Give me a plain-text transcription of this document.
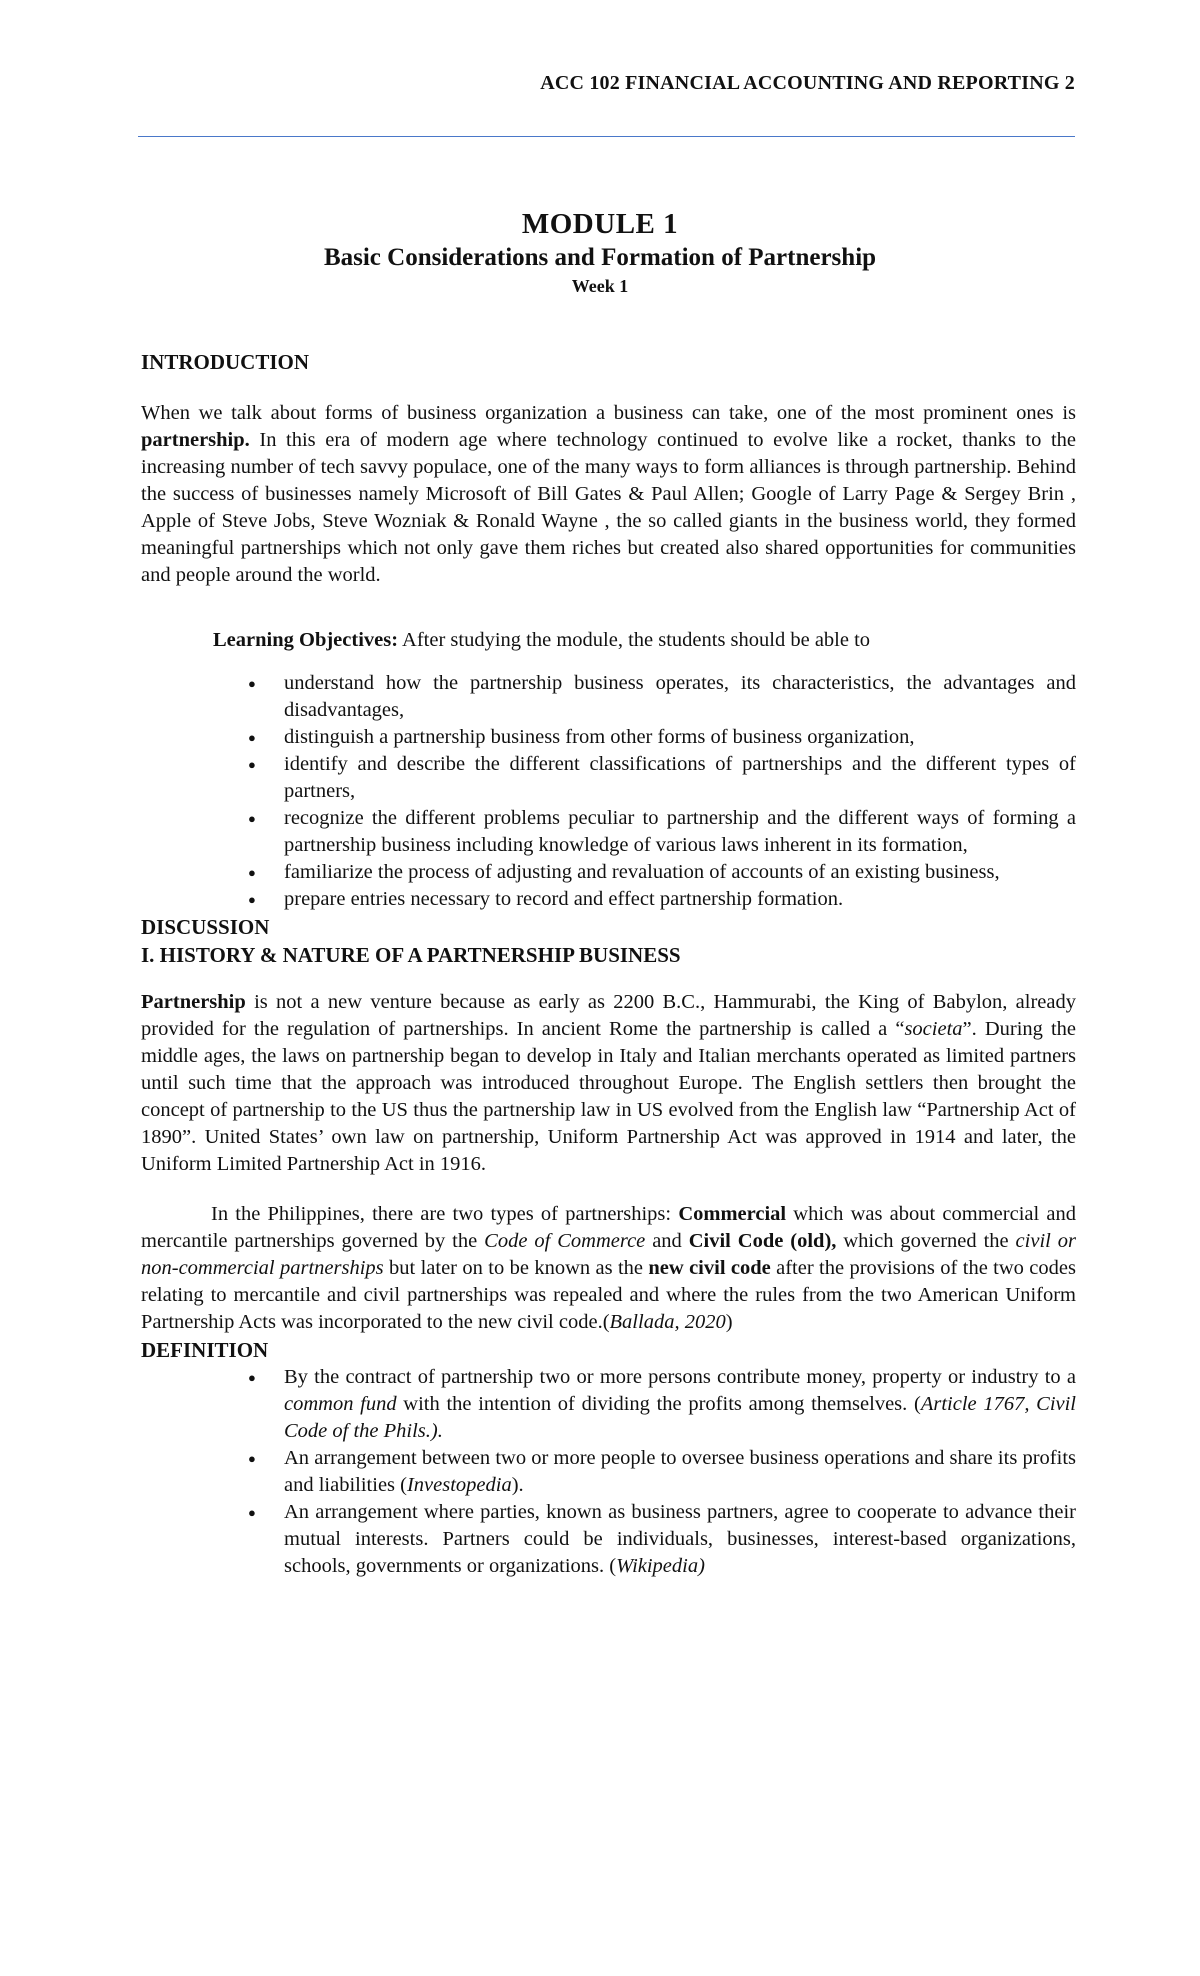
ACC 102 FINANCIAL ACCOUNTING AND REPORTING 2
MODULE 1
Basic Considerations and Formation of Partnership
Week 1
INTRODUCTION

When we talk about forms of business organization a business can take, one of the most prominent ones is partnership. In this era of modern age where technology continued to evolve like a rocket, thanks to the increasing number of tech savvy populace, one of the many ways to form alliances is through partnership. Behind the success of businesses namely Microsoft of Bill Gates & Paul Allen; Google of Larry Page & Sergey Brin , Apple of Steve Jobs, Steve Wozniak & Ronald Wayne , the so called giants in the business world, they formed meaningful partnerships which not only gave them riches but created also shared opportunities for communities and people around the world.

Learning Objectives: After studying the module, the students should be able to

● understand how the partnership business operates, its characteristics, the advantages and disadvantages,
● distinguish a partnership business from other forms of business organization,
● identify and describe the different classifications of partnerships and the different types of partners,
● recognize the different problems peculiar to partnership and the different ways of forming a partnership business including knowledge of various laws inherent in its formation,
● familiarize the process of adjusting and revaluation of accounts of an existing business,
● prepare entries necessary to record and effect partnership formation.
DISCUSSION
I. HISTORY & NATURE OF A PARTNERSHIP BUSINESS

Partnership is not a new venture because as early as 2200 B.C., Hammurabi, the King of Babylon, already provided for the regulation of partnerships. In ancient Rome the partnership is called a “societa”. During the middle ages, the laws on partnership began to develop in Italy and Italian merchants operated as limited partners until such time that the approach was introduced throughout Europe. The English settlers then brought the concept of partnership to the US thus the partnership law in US evolved from the English law “Partnership Act of 1890”. United States’ own law on partnership, Uniform Partnership Act was approved in 1914 and later, the Uniform Limited Partnership Act in 1916.

In the Philippines, there are two types of partnerships: Commercial which was about commercial and mercantile partnerships governed by the Code of Commerce and Civil Code (old), which governed the civil or non-commercial partnerships but later on to be known as the new civil code after the provisions of the two codes relating to mercantile and civil partnerships was repealed and where the rules from the two American Uniform Partnership Acts was incorporated to the new civil code.(Ballada, 2020)

DEFINITION
● By the contract of partnership two or more persons contribute money, property or industry to a common fund with the intention of dividing the profits among themselves. (Article 1767, Civil Code of the Phils.).
● An arrangement between two or more people to oversee business operations and share its profits and liabilities (Investopedia).
● An arrangement where parties, known as business partners, agree to cooperate to advance their mutual interests. Partners could be individuals, businesses, interest-based organizations, schools, governments or organizations. (Wikipedia)
